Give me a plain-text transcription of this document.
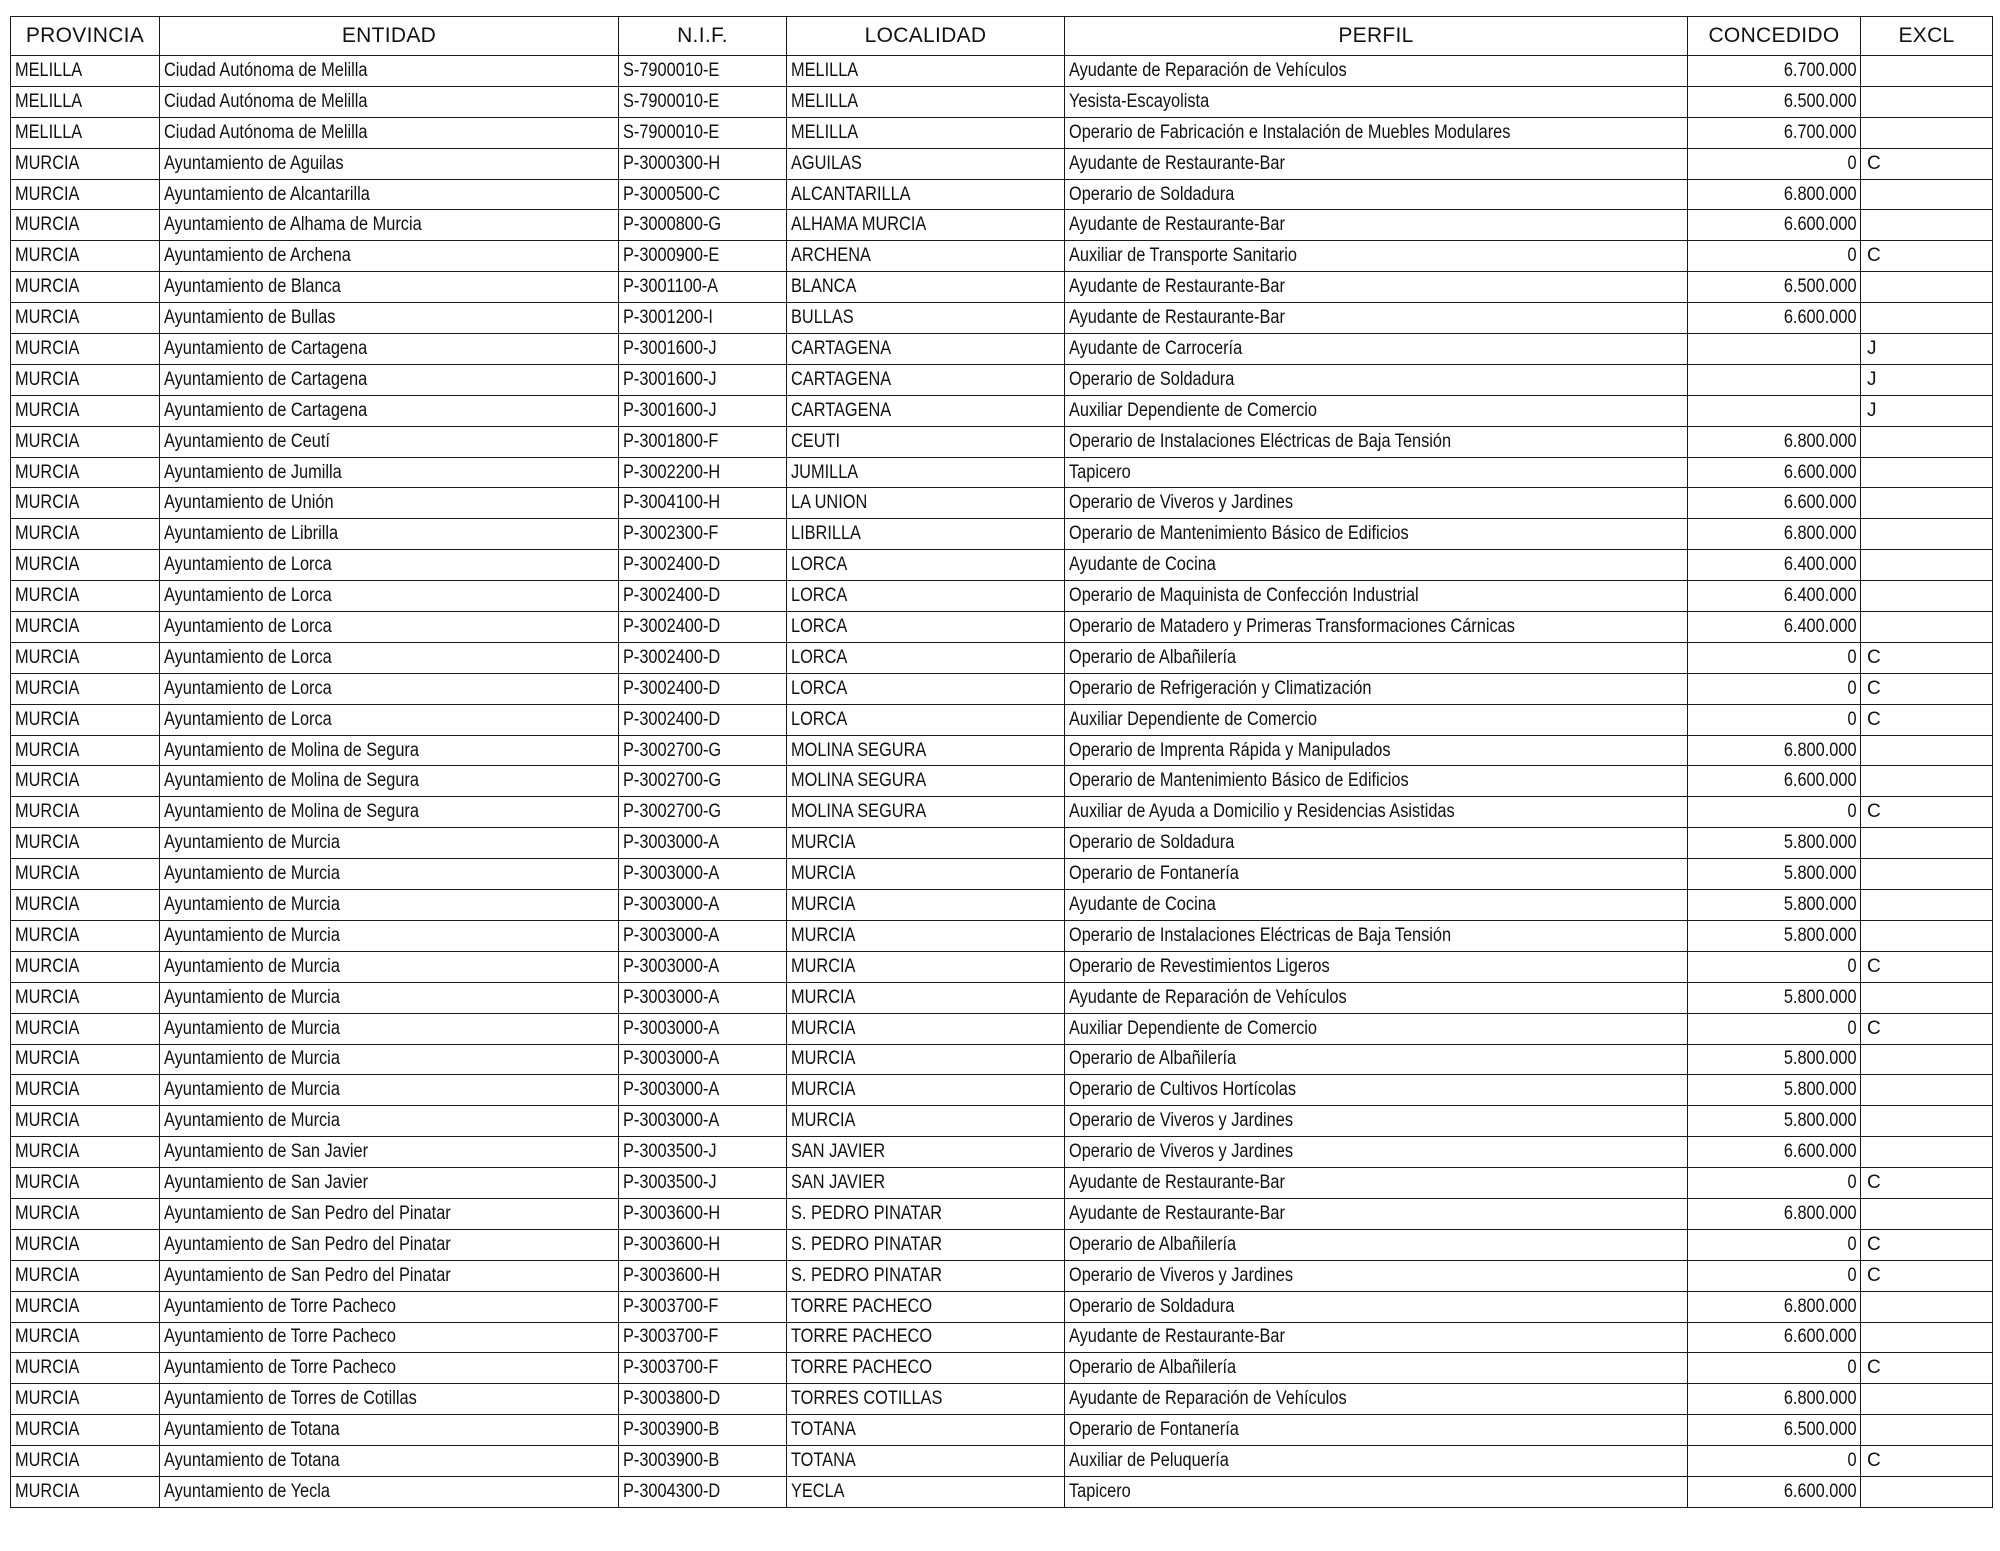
PROVINCIA	ENTIDAD	N.I.F.	LOCALIDAD	PERFIL	CONCEDIDO	EXCL
MELILLA	Ciudad Autónoma de Melilla	S-7900010-E	MELILLA	Ayudante de Reparación de Vehículos	6.700.000	
MELILLA	Ciudad Autónoma de Melilla	S-7900010-E	MELILLA	Yesista-Escayolista	6.500.000	
MELILLA	Ciudad Autónoma de Melilla	S-7900010-E	MELILLA	Operario de Fabricación e Instalación de Muebles Modulares	6.700.000	
MURCIA	Ayuntamiento de Aguilas	P-3000300-H	AGUILAS	Ayudante de Restaurante-Bar	0	C
MURCIA	Ayuntamiento de Alcantarilla	P-3000500-C	ALCANTARILLA	Operario de Soldadura	6.800.000	
MURCIA	Ayuntamiento de Alhama de Murcia	P-3000800-G	ALHAMA MURCIA	Ayudante de Restaurante-Bar	6.600.000	
MURCIA	Ayuntamiento de Archena	P-3000900-E	ARCHENA	Auxiliar de Transporte Sanitario	0	C
MURCIA	Ayuntamiento de Blanca	P-3001100-A	BLANCA	Ayudante de Restaurante-Bar	6.500.000	
MURCIA	Ayuntamiento de Bullas	P-3001200-I	BULLAS	Ayudante de Restaurante-Bar	6.600.000	
MURCIA	Ayuntamiento de Cartagena	P-3001600-J	CARTAGENA	Ayudante de Carrocería		J
MURCIA	Ayuntamiento de Cartagena	P-3001600-J	CARTAGENA	Operario de Soldadura		J
MURCIA	Ayuntamiento de Cartagena	P-3001600-J	CARTAGENA	Auxiliar Dependiente de Comercio		J
MURCIA	Ayuntamiento de Ceutí	P-3001800-F	CEUTI	Operario de Instalaciones Eléctricas de Baja Tensión	6.800.000	
MURCIA	Ayuntamiento de Jumilla	P-3002200-H	JUMILLA	Tapicero	6.600.000	
MURCIA	Ayuntamiento de Unión	P-3004100-H	LA UNION	Operario de Viveros y Jardines	6.600.000	
MURCIA	Ayuntamiento de Librilla	P-3002300-F	LIBRILLA	Operario de Mantenimiento Básico de Edificios	6.800.000	
MURCIA	Ayuntamiento de Lorca	P-3002400-D	LORCA	Ayudante de Cocina	6.400.000	
MURCIA	Ayuntamiento de Lorca	P-3002400-D	LORCA	Operario de Maquinista de Confección Industrial	6.400.000	
MURCIA	Ayuntamiento de Lorca	P-3002400-D	LORCA	Operario de Matadero y Primeras Transformaciones Cárnicas	6.400.000	
MURCIA	Ayuntamiento de Lorca	P-3002400-D	LORCA	Operario de Albañilería	0	C
MURCIA	Ayuntamiento de Lorca	P-3002400-D	LORCA	Operario de Refrigeración y Climatización	0	C
MURCIA	Ayuntamiento de Lorca	P-3002400-D	LORCA	Auxiliar Dependiente de Comercio	0	C
MURCIA	Ayuntamiento de Molina de Segura	P-3002700-G	MOLINA SEGURA	Operario de Imprenta Rápida y Manipulados	6.800.000	
MURCIA	Ayuntamiento de Molina de Segura	P-3002700-G	MOLINA SEGURA	Operario de Mantenimiento Básico de Edificios	6.600.000	
MURCIA	Ayuntamiento de Molina de Segura	P-3002700-G	MOLINA SEGURA	Auxiliar de Ayuda a Domicilio y Residencias Asistidas	0	C
MURCIA	Ayuntamiento de Murcia	P-3003000-A	MURCIA	Operario de Soldadura	5.800.000	
MURCIA	Ayuntamiento de Murcia	P-3003000-A	MURCIA	Operario de Fontanería	5.800.000	
MURCIA	Ayuntamiento de Murcia	P-3003000-A	MURCIA	Ayudante de Cocina	5.800.000	
MURCIA	Ayuntamiento de Murcia	P-3003000-A	MURCIA	Operario de Instalaciones Eléctricas de Baja Tensión	5.800.000	
MURCIA	Ayuntamiento de Murcia	P-3003000-A	MURCIA	Operario de Revestimientos Ligeros	0	C
MURCIA	Ayuntamiento de Murcia	P-3003000-A	MURCIA	Ayudante de Reparación de Vehículos	5.800.000	
MURCIA	Ayuntamiento de Murcia	P-3003000-A	MURCIA	Auxiliar Dependiente de Comercio	0	C
MURCIA	Ayuntamiento de Murcia	P-3003000-A	MURCIA	Operario de Albañilería	5.800.000	
MURCIA	Ayuntamiento de Murcia	P-3003000-A	MURCIA	Operario de Cultivos Hortícolas	5.800.000	
MURCIA	Ayuntamiento de Murcia	P-3003000-A	MURCIA	Operario de Viveros y Jardines	5.800.000	
MURCIA	Ayuntamiento de San Javier	P-3003500-J	SAN JAVIER	Operario de Viveros y Jardines	6.600.000	
MURCIA	Ayuntamiento de San Javier	P-3003500-J	SAN JAVIER	Ayudante de Restaurante-Bar	0	C
MURCIA	Ayuntamiento de San Pedro del Pinatar	P-3003600-H	S. PEDRO PINATAR	Ayudante de Restaurante-Bar	6.800.000	
MURCIA	Ayuntamiento de San Pedro del Pinatar	P-3003600-H	S. PEDRO PINATAR	Operario de Albañilería	0	C
MURCIA	Ayuntamiento de San Pedro del Pinatar	P-3003600-H	S. PEDRO PINATAR	Operario de Viveros y Jardines	0	C
MURCIA	Ayuntamiento de Torre Pacheco	P-3003700-F	TORRE PACHECO	Operario de Soldadura	6.800.000	
MURCIA	Ayuntamiento de Torre Pacheco	P-3003700-F	TORRE PACHECO	Ayudante de Restaurante-Bar	6.600.000	
MURCIA	Ayuntamiento de Torre Pacheco	P-3003700-F	TORRE PACHECO	Operario de Albañilería	0	C
MURCIA	Ayuntamiento de Torres de Cotillas	P-3003800-D	TORRES COTILLAS	Ayudante de Reparación de Vehículos	6.800.000	
MURCIA	Ayuntamiento de Totana	P-3003900-B	TOTANA	Operario de Fontanería	6.500.000	
MURCIA	Ayuntamiento de Totana	P-3003900-B	TOTANA	Auxiliar de Peluquería	0	C
MURCIA	Ayuntamiento de Yecla	P-3004300-D	YECLA	Tapicero	6.600.000	
